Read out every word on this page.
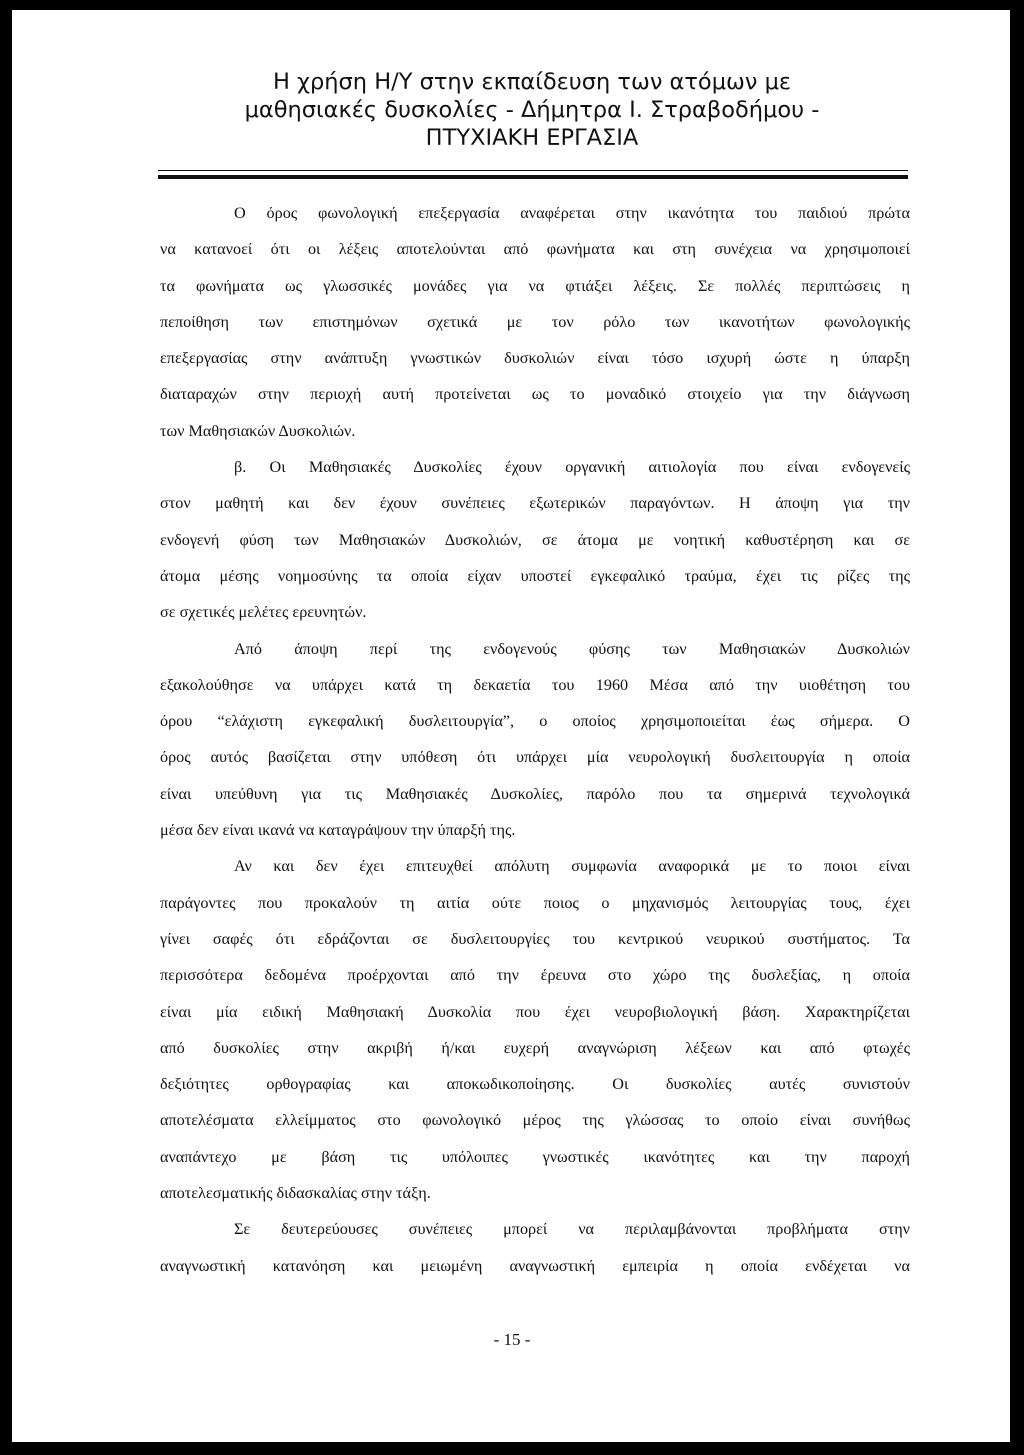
Η χρήση Η/Υ στην εκπαίδευση των ατόμων με
μαθησιακές δυσκολίες - Δήμητρα Ι. Στραβοδήμου -
ΠΤΥΧΙΑΚΗ ΕΡΓΑΣΙΑ
Ο όρος φωνολογική επεξεργασία αναφέρεται στην ικανότητα του παιδιού πρώτα
να κατανοεί ότι οι λέξεις αποτελούνται από φωνήματα και στη συνέχεια να χρησιμοποιεί
τα φωνήματα ως γλωσσικές μονάδες για να φτιάξει λέξεις. Σε πολλές περιπτώσεις η
πεποίθηση των επιστημόνων σχετικά με τον ρόλο των ικανοτήτων φωνολογικής
επεξεργασίας στην ανάπτυξη γνωστικών δυσκολιών είναι τόσο ισχυρή ώστε η ύπαρξη
διαταραχών στην περιοχή αυτή προτείνεται ως το μοναδικό στοιχείο για την διάγνωση
των Μαθησιακών Δυσκολιών.
β. Οι Μαθησιακές Δυσκολίες έχουν οργανική αιτιολογία που είναι ενδογενείς
στον μαθητή και δεν έχουν συνέπειες εξωτερικών παραγόντων. Η άποψη για την
ενδογενή φύση των Μαθησιακών Δυσκολιών, σε άτομα με νοητική καθυστέρηση και σε
άτομα μέσης νοημοσύνης τα οποία είχαν υποστεί εγκεφαλικό τραύμα, έχει τις ρίζες της
σε σχετικές μελέτες ερευνητών.
Από άποψη περί της ενδογενούς φύσης των Μαθησιακών Δυσκολιών
εξακολούθησε να υπάρχει κατά τη δεκαετία του 1960 Μέσα από την υιοθέτηση του
όρου “ελάχιστη εγκεφαλική δυσλειτουργία”, ο οποίος χρησιμοποιείται έως σήμερα. Ο
όρος αυτός βασίζεται στην υπόθεση ότι υπάρχει μία νευρολογική δυσλειτουργία η οποία
είναι υπεύθυνη για τις Μαθησιακές Δυσκολίες, παρόλο που τα σημερινά τεχνολογικά
μέσα δεν είναι ικανά να καταγράψουν την ύπαρξή της.
Αν και δεν έχει επιτευχθεί απόλυτη συμφωνία αναφορικά με το ποιοι είναι
παράγοντες που προκαλούν τη αιτία ούτε ποιος ο μηχανισμός λειτουργίας τους, έχει
γίνει σαφές ότι εδράζονται σε δυσλειτουργίες του κεντρικού νευρικού συστήματος. Τα
περισσότερα δεδομένα προέρχονται από την έρευνα στο χώρο της δυσλεξίας, η οποία
είναι μία ειδική Μαθησιακή Δυσκολία που έχει νευροβιολογική βάση. Χαρακτηρίζεται
από δυσκολίες στην ακριβή ή/και ευχερή αναγνώριση λέξεων και από φτωχές
δεξιότητες ορθογραφίας και αποκωδικοποίησης. Οι δυσκολίες αυτές συνιστούν
αποτελέσματα ελλείμματος στο φωνολογικό μέρος της γλώσσας το οποίο είναι συνήθως
αναπάντεχο με βάση τις υπόλοιπες γνωστικές ικανότητες και την παροχή
αποτελεσματικής διδασκαλίας στην τάξη.
Σε δευτερεύουσες συνέπειες μπορεί να περιλαμβάνονται προβλήματα στην
αναγνωστική κατανόηση και μειωμένη αναγνωστική εμπειρία η οποία ενδέχεται να
- 15 -
